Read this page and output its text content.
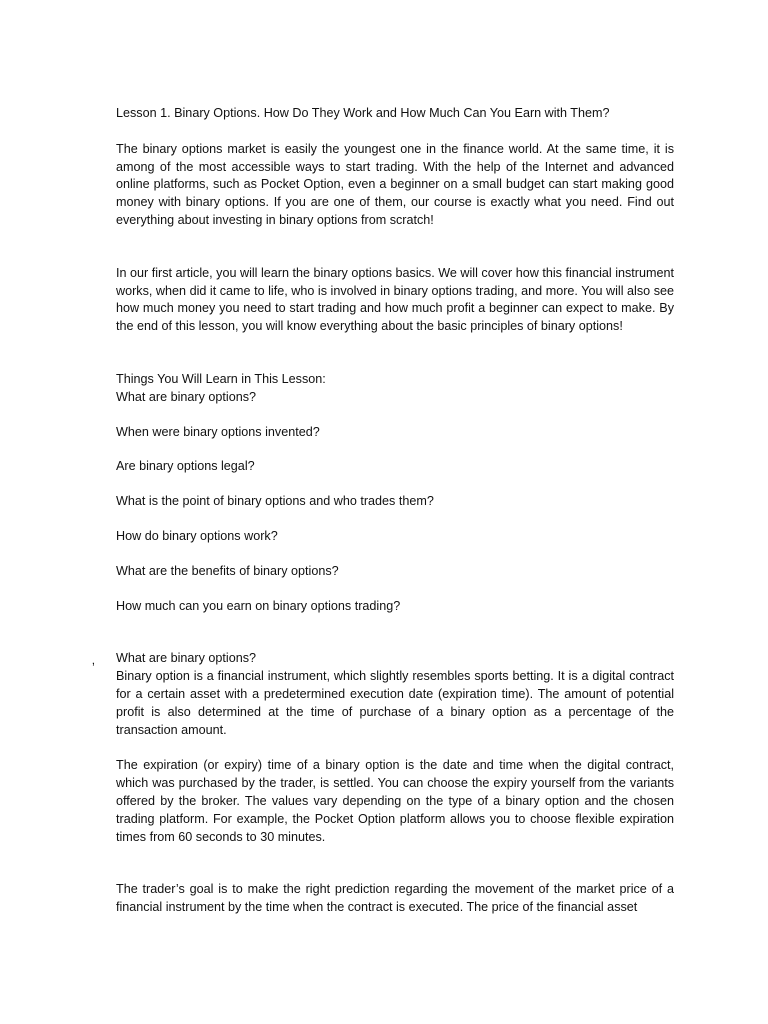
Lesson 1. Binary Options. How Do They Work and How Much Can You Earn with Them?

The binary options market is easily the youngest one in the finance world. At the same time, it is among of the most accessible ways to start trading. With the help of the Internet and advanced online platforms, such as Pocket Option, even a beginner on a small budget can start making good money with binary options. If you are one of them, our course is exactly what you need. Find out everything about investing in binary options from scratch!

In our first article, you will learn the binary options basics. We will cover how this financial instrument works, when did it came to life, who is involved in binary options trading, and more. You will also see how much money you need to start trading and how much profit a beginner can expect to make. By the end of this lesson, you will know everything about the basic principles of binary options!

Things You Will Learn in This Lesson:

What are binary options?

When were binary options invented?

Are binary options legal?

What is the point of binary options and who trades them?

How do binary options work?

What are the benefits of binary options?

How much can you earn on binary options trading?

What are binary options?

Binary option is a financial instrument, which slightly resembles sports betting. It is a digital contract for a certain asset with a predetermined execution date (expiration time). The amount of potential profit is also determined at the time of purchase of a binary option as a percentage of the transaction amount.

The expiration (or expiry) time of a binary option is the date and time when the digital contract, which was purchased by the trader, is settled. You can choose the expiry yourself from the variants offered by the broker. The values vary depending on the type of a binary option and the chosen trading platform. For example, the Pocket Option platform allows you to choose flexible expiration times from 60 seconds to 30 minutes.

The trader’s goal is to make the right prediction regarding the movement of the market price of a financial instrument by the time when the contract is executed. The price of the financial asset

‚
